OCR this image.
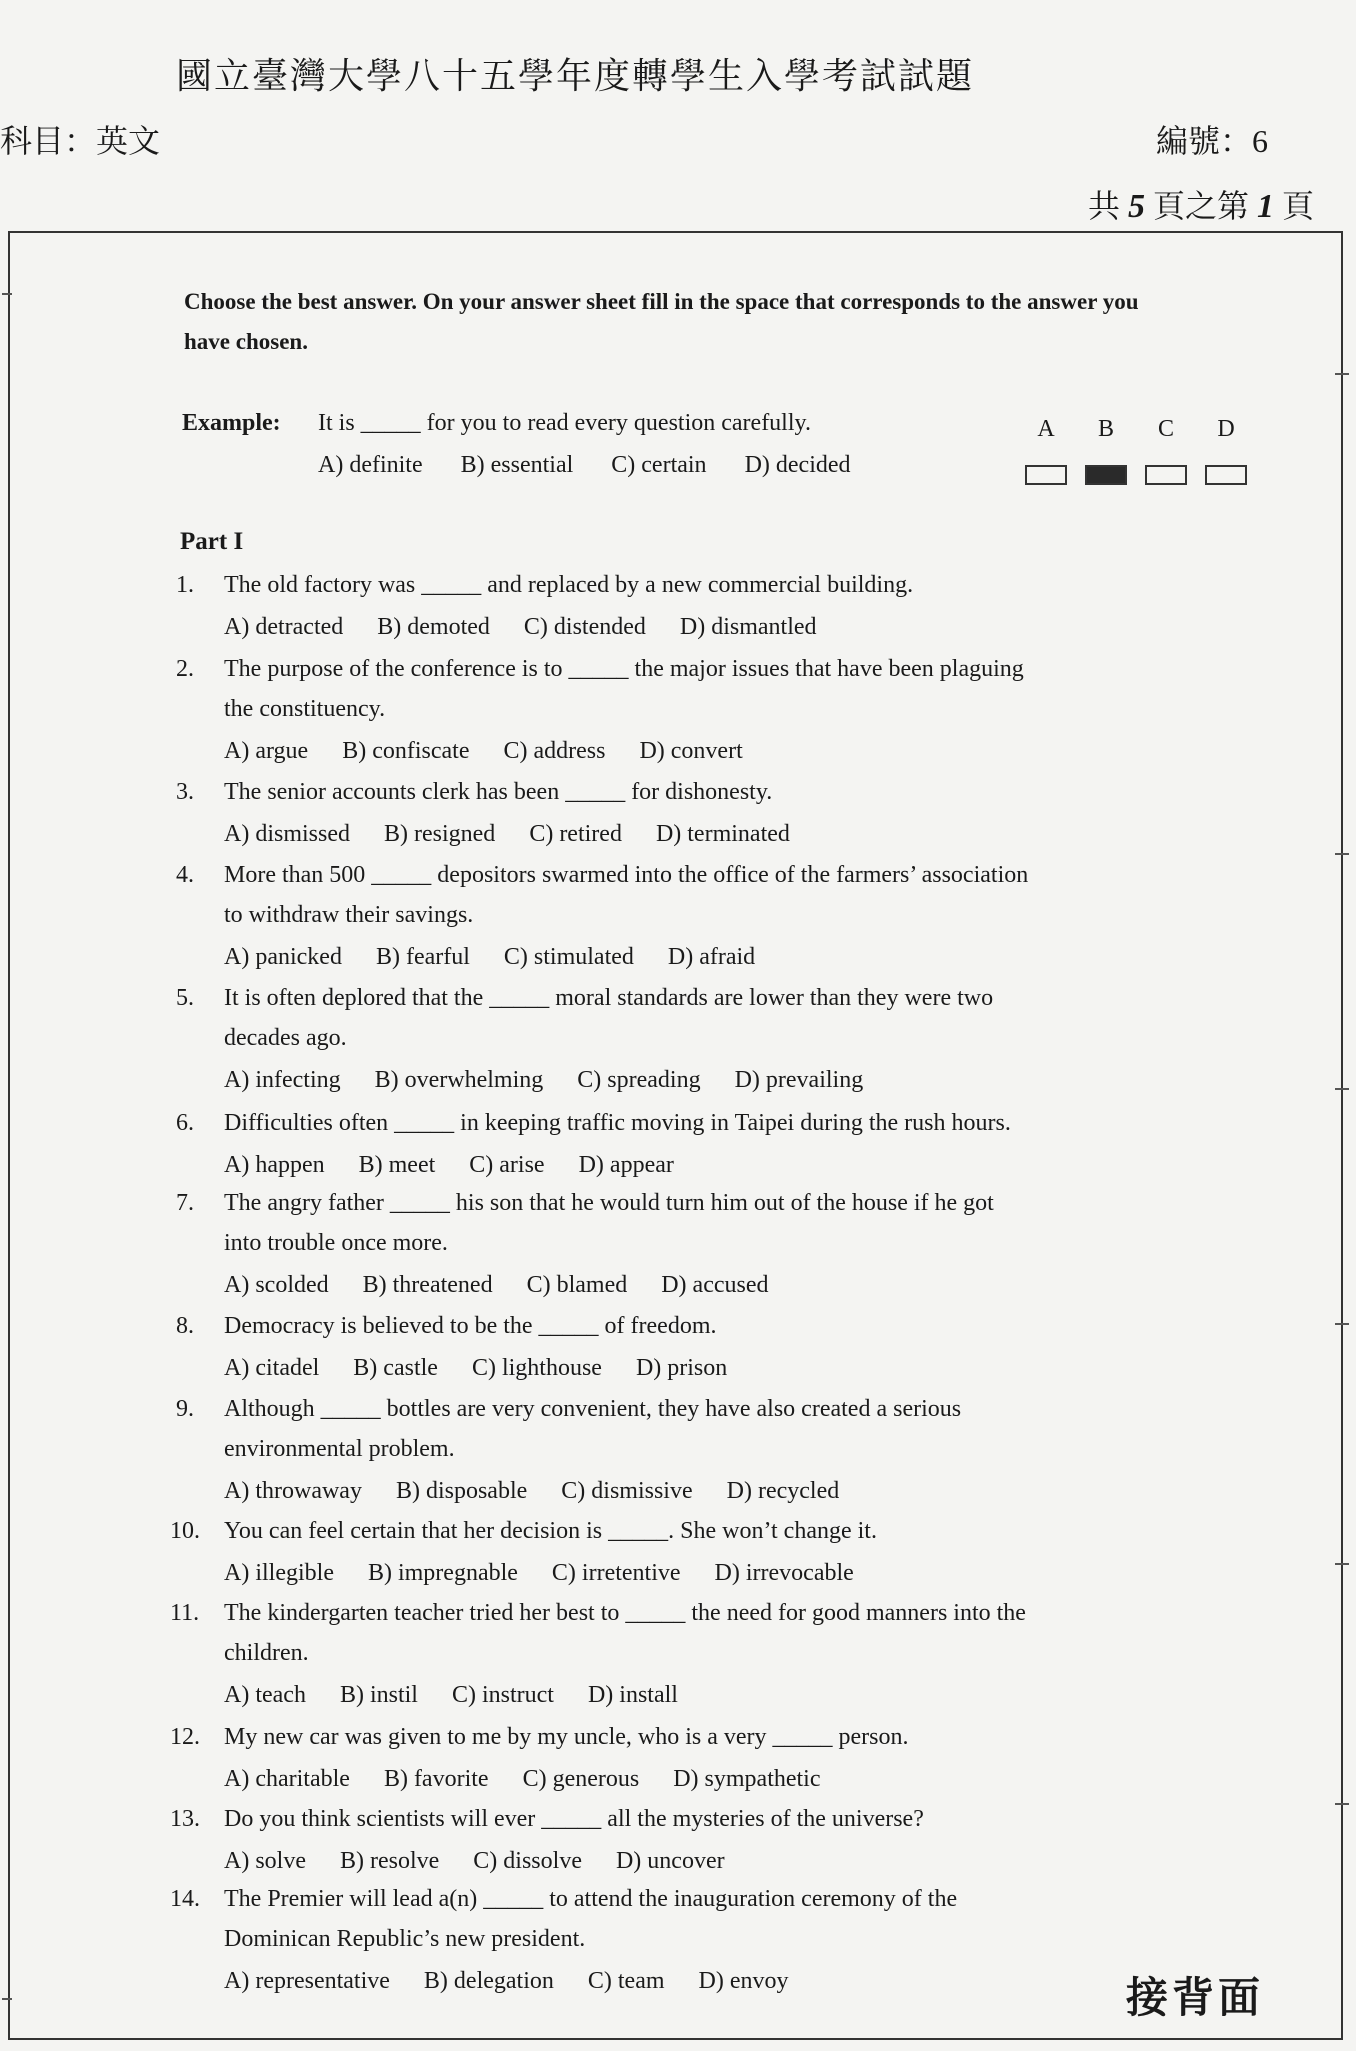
國立臺灣大學八十五學年度轉學生入學考試試題
科目：英文	編號：6
共 5 頁之第 1 頁

Choose the best answer. On your answer sheet fill in the space that corresponds to the answer you have chosen.

Example: It is _____ for you to read every question carefully.
A) definite B) essential C) certain D) decided
A	B	C	D
Part I
The old factory was _____ and replaced by a new commercial building.
1.
A) detracted B) demoted C) distended D) dismantled
The purpose of the conference is to _____ the major issues that have been plaguing
the constituency.
2.
A) argue B) confiscate C) address D) convert
The senior accounts clerk has been _____ for dishonesty.
3.
A) dismissed B) resigned C) retired D) terminated
More than 500 _____ depositors swarmed into the office of the farmers’ association
to withdraw their savings.
4.
A) panicked B) fearful C) stimulated D) afraid
It is often deplored that the _____ moral standards are lower than they were two
decades ago.
5.
A) infecting B) overwhelming C) spreading D) prevailing
Difficulties often _____ in keeping traffic moving in Taipei during the rush hours.
6.
A) happen B) meet C) arise D) appear
The angry father _____ his son that he would turn him out of the house if he got
into trouble once more.
7.
A) scolded B) threatened C) blamed D) accused
Democracy is believed to be the _____ of freedom.
8.
A) citadel B) castle C) lighthouse D) prison
Although _____ bottles are very convenient, they have also created a serious
environmental problem.
9.
A) throwaway B) disposable C) dismissive D) recycled
You can feel certain that her decision is _____. She won’t change it.
10.
A) illegible B) impregnable C) irretentive D) irrevocable
The kindergarten teacher tried her best to _____ the need for good manners into the
children.
11.
A) teach B) instil C) instruct D) install
My new car was given to me by my uncle, who is a very _____ person.
12.
A) charitable B) favorite C) generous D) sympathetic
Do you think scientists will ever _____ all the mysteries of the universe?
13.
A) solve B) resolve C) dissolve D) uncover
The Premier will lead a(n) _____ to attend the inauguration ceremony of the
Dominican Republic’s new president.
14.
A) representative B) delegation C) team D) envoy	接背面
